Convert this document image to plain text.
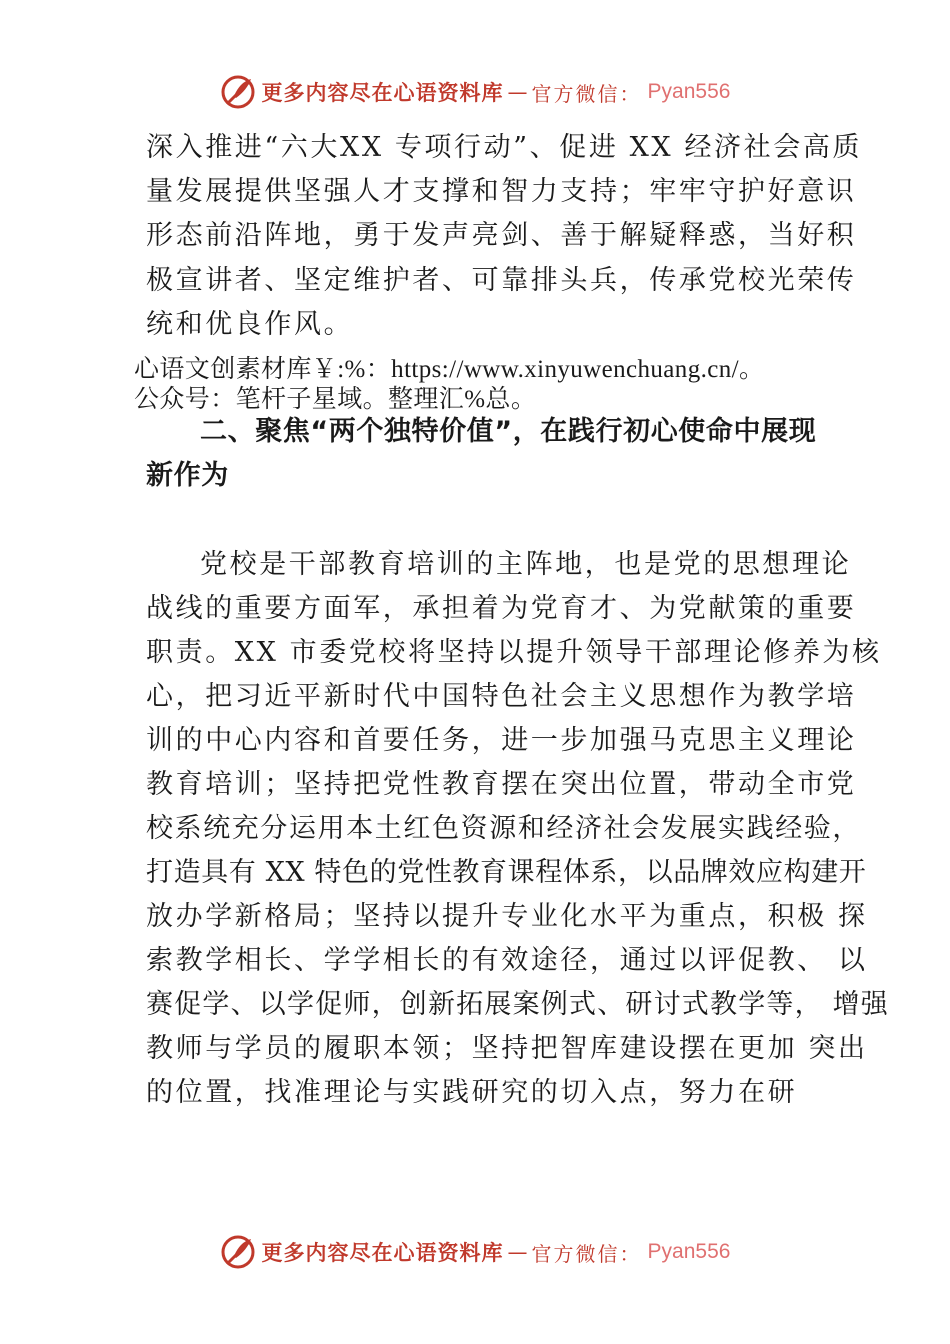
更多内容尽在心语资料库 — 官方微信： Pyan556
深入推进“六大XX 专项行动”、促进 XX 经济社会高质
量发展提供坚强人才支撑和智力支持；牢牢守护好意识
形态前沿阵地，勇于发声亮剑、善于解疑释惑，当好积
极宣讲者、坚定维护者、可靠排头兵，传承党校光荣传
统和优良作风。
心语文创素材库￥:%：https://www.xinyuwenchuang.cn/。
公众号：笔杆子星域。整理汇%总。
二、聚焦“两个独特价值”，在践行初心使命中展现
新作为
党校是干部教育培训的主阵地，也是党的思想理论
战线的重要方面军，承担着为党育才、为党献策的重要
职责。XX 市委党校将坚持以提升领导干部理论修养为核
心，把习近平新时代中国特色社会主义思想作为教学培
训的中心内容和首要任务，进一步加强马克思主义理论
教育培训；坚持把党性教育摆在突出位置，带动全市党
校系统充分运用本土红色资源和经济社会发展实践经验，
打造具有 XX 特色的党性教育课程体系，以品牌效应构建开
放办学新格局；坚持以提升专业化水平为重点，积极 探
索教学相长、学学相长的有效途径，通过以评促教、 以
赛促学、以学促师，创新拓展案例式、研讨式教学等， 增强
教师与学员的履职本领；坚持把智库建设摆在更加 突出
的位置，找准理论与实践研究的切入点，努力在研
更多内容尽在心语资料库 — 官方微信： Pyan556
